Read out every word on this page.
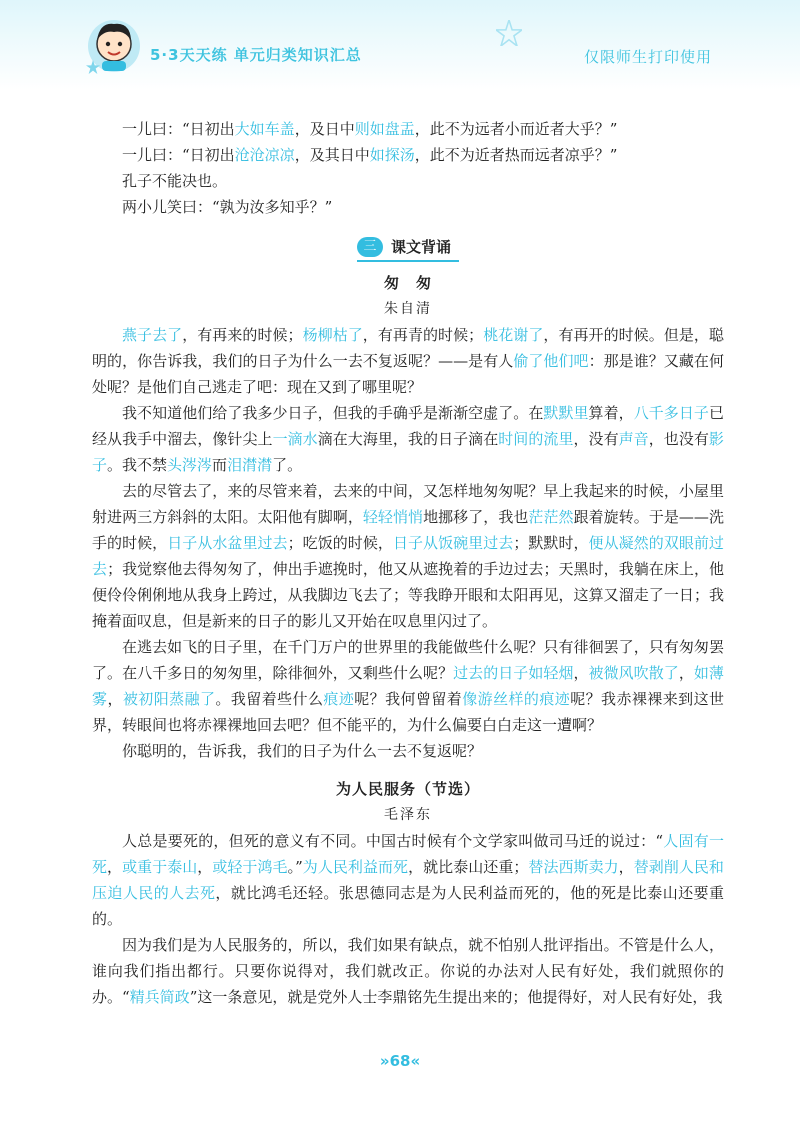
5·3天天练 单元归类知识汇总	仅限师生打印使用

一儿曰：“日初出大如车盖，及日中则如盘盂，此不为远者小而近者大乎？”

一儿曰：“日初出沧沧凉凉，及其日中如探汤，此不为近者热而远者凉乎？”

孔子不能决也。

两小儿笑曰：“孰为汝多知乎？”

三 课文背诵
匆　匆
朱自清

燕子去了，有再来的时候；杨柳枯了，有再青的时候；桃花谢了，有再开的时候。但是，聪明的，你告诉我，我们的日子为什么一去不复返呢？——是有人偷了他们吧：那是谁？又藏在何处呢？是他们自己逃走了吧：现在又到了哪里呢？

我不知道他们给了我多少日子，但我的手确乎是渐渐空虚了。在默默里算着，八千多日子已经从我手中溜去，像针尖上一滴水滴在大海里，我的日子滴在时间的流里，没有声音，也没有影子。我不禁头涔涔而泪潸潸了。

去的尽管去了，来的尽管来着，去来的中间，又怎样地匆匆呢？早上我起来的时候，小屋里射进两三方斜斜的太阳。太阳他有脚啊，轻轻悄悄地挪移了，我也茫茫然跟着旋转。于是——洗手的时候，日子从水盆里过去；吃饭的时候，日子从饭碗里过去；默默时，便从凝然的双眼前过去；我觉察他去得匆匆了，伸出手遮挽时，他又从遮挽着的手边过去；天黑时，我躺在床上，他便伶伶俐俐地从我身上跨过，从我脚边飞去了；等我睁开眼和太阳再见，这算又溜走了一日；我掩着面叹息，但是新来的日子的影儿又开始在叹息里闪过了。

在逃去如飞的日子里，在千门万户的世界里的我能做些什么呢？只有徘徊罢了，只有匆匆罢了。在八千多日的匆匆里，除徘徊外，又剩些什么呢？过去的日子如轻烟，被微风吹散了，如薄雾，被初阳蒸融了。我留着些什么痕迹呢？我何曾留着像游丝样的痕迹呢？我赤裸裸来到这世界，转眼间也将赤裸裸地回去吧？但不能平的，为什么偏要白白走这一遭啊？

你聪明的，告诉我，我们的日子为什么一去不复返呢？

为人民服务（节选）
毛泽东

人总是要死的，但死的意义有不同。中国古时候有个文学家叫做司马迁的说过：“人固有一死，或重于泰山，或轻于鸿毛。”为人民利益而死，就比泰山还重；替法西斯卖力，替剥削人民和压迫人民的人去死，就比鸿毛还轻。张思德同志是为人民利益而死的，他的死是比泰山还要重的。

因为我们是为人民服务的，所以，我们如果有缺点，就不怕别人批评指出。不管是什么人，谁向我们指出都行。只要你说得对，我们就改正。你说的办法对人民有好处，我们就照你的办。“精兵简政”这一条意见，就是党外人士李鼎铭先生提出来的；他提得好，对人民有好处，我

»68«
